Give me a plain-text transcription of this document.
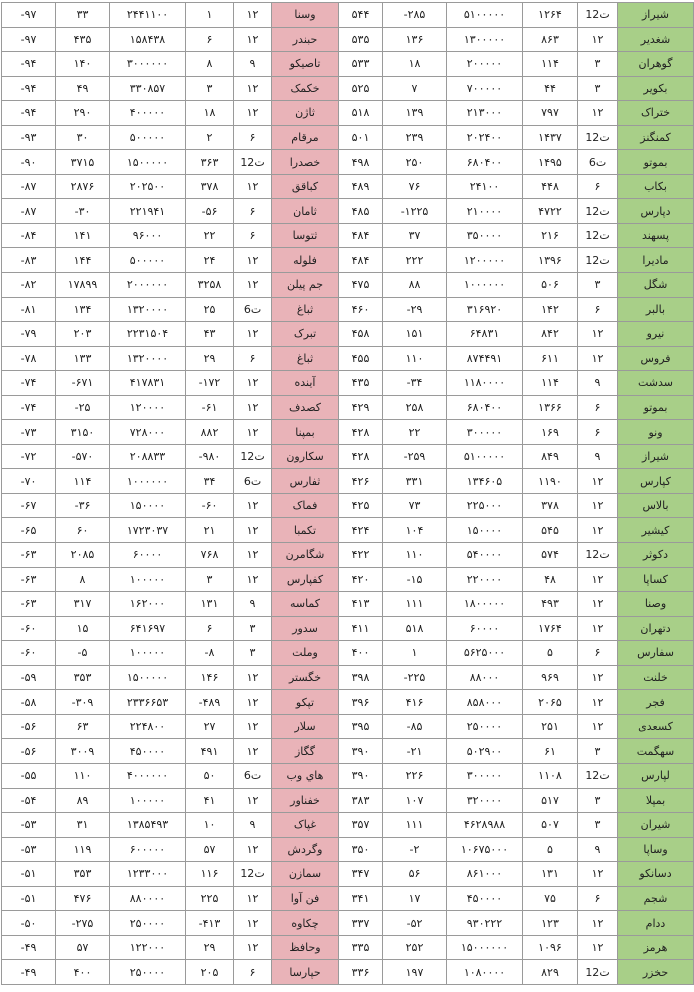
-۹۷	۳۳	۲۴۴۱۱۰۰	۱	۱۲	وسنا	۵۴۴	-۲۸۵	۵۱۰۰۰۰۰	۱۲۶۴	12ت	شیراز
-۹۷	۴۳۵	۱۵۸۴۳۸	۶	۱۲	حبندر	۵۳۵	۱۳۶	۱۳۰۰۰۰۰	۸۶۳	۱۲	شغدیر
-۹۴	۱۴۰	۳۰۰۰۰۰۰	۸	۹	تاصیکو	۵۳۳	۱۸	۲۰۰۰۰۰	۱۱۴	۳	گوهران
-۹۴	۴۹	۳۳۰۸۵۷	۳	۱۲	خکمک	۵۲۵	۷	۷۰۰۰۰۰	۴۴	۳	بکویر
-۹۴	۲۹۰	۴۰۰۰۰۰	۱۸	۱۲	ثاژن	۵۱۸	۱۳۹	۲۱۳۰۰۰	۷۹۷	۱۲	ختراک
-۹۳	۳۰	۵۰۰۰۰۰	۲	۶	مرقام	۵۰۱	۲۳۹	۲۰۲۴۰۰	۱۴۳۷	12ت	کمنگنز
-۹۰	۳۷۱۵	۱۵۰۰۰۰۰	۳۶۳	12ت	خصدرا	۴۹۸	۲۵۰	۶۸۰۴۰۰	۱۴۹۵	6ت	بموتو
-۸۷	۲۸۷۶	۲۰۲۵۰۰	۳۷۸	۱۲	کباقق	۴۸۹	۷۶	۲۴۱۰۰	۴۴۸	۶	بکاب
-۸۷	-۳۰	۲۲۱۹۴۱	-۵۶	۶	ثامان	۴۸۵	-۱۲۲۵	۲۱۰۰۰۰	۴۷۲۲	12ت	دپارس
-۸۴	۱۴۱	۹۶۰۰۰	۲۲	۶	ثتوسا	۴۸۴	۳۷	۳۵۰۰۰۰	۲۱۶	12ت	پسهند
-۸۳	۱۴۴	۵۰۰۰۰۰	۲۴	۱۲	فلوله	۴۸۴	۲۲۲	۱۲۰۰۰۰۰	۱۳۹۶	12ت	مادیرا
-۸۲	۱۷۸۹۹	۲۰۰۰۰۰۰	۳۲۵۸	۱۲	جم پیلن	۴۷۵	۸۸	۱۰۰۰۰۰۰	۵۰۶	۳	شگل
-۸۱	۱۳۴	۱۳۲۰۰۰۰	۲۵	6ت	ثباغ	۴۶۰	-۲۹	۳۱۶۹۲۰	۱۴۲	۶	بالبر
-۷۹	۲۰۳	۲۲۳۱۵۰۴	۴۳	۱۲	تبرک	۴۵۸	۱۵۱	۶۴۸۳۱	۸۴۲	۱۲	نیرو
-۷۸	۱۳۳	۱۳۲۰۰۰۰	۲۹	۶	ثباغ	۴۵۵	۱۱۰	۸۷۴۴۹۱	۶۱۱	۱۲	فروس
-۷۴	-۶۷۱	۴۱۷۸۳۱	-۱۷۲	۱۲	آینده	۴۳۵	-۳۴	۱۱۸۰۰۰۰	۱۱۴	۹	سدشت
-۷۴	-۲۵	۱۲۰۰۰۰	-۶۱	۱۲	کصدف	۴۲۹	۲۵۸	۶۸۰۴۰۰	۱۳۶۶	۶	بموتو
-۷۳	۳۱۵۰	۷۲۸۰۰۰	۸۸۲	۱۲	بمپنا	۴۲۸	۲۲	۳۰۰۰۰۰	۱۶۹	۶	ونو
-۷۲	-۵۷۰	۲۰۸۸۳۳	-۹۸۰	12ت	سکارون	۴۲۸	-۲۵۹	۵۱۰۰۰۰۰	۸۴۹	۹	شیراز
-۷۰	۱۱۴	۱۰۰۰۰۰۰	۳۴	6ت	ثفارس	۴۲۶	۳۳۱	۱۳۴۶۰۵	۱۱۹۰	۱۲	کپارس
-۶۷	-۳۶	۱۵۰۰۰۰	-۶۰	۱۲	فماک	۴۲۵	۷۳	۲۲۵۰۰۰	۳۷۸	۱۲	بالاس
-۶۵	۶۰	۱۷۲۳۰۳۷	۲۱	۱۲	تکمبا	۴۲۴	۱۰۴	۱۵۰۰۰۰	۵۴۵	۱۲	کیشیر
-۶۳	۲۰۸۵	۶۰۰۰۰	۷۶۸	۱۲	شگامرن	۴۲۲	۱۱۰	۵۴۰۰۰۰	۵۷۴	12ت	دکوثر
-۶۳	۸	۱۰۰۰۰۰	۳	۱۲	کفپارس	۴۲۰	-۱۵	۲۲۰۰۰۰	۴۸	۱۲	کساپا
-۶۳	۳۱۷	۱۶۲۰۰۰	۱۳۱	۹	کماسه	۴۱۳	۱۱۱	۱۸۰۰۰۰۰	۴۹۳	۱۲	وصنا
-۶۰	۱۵	۶۴۱۶۹۷	۶	۳	سدور	۴۱۱	۵۱۸	۶۰۰۰۰	۱۷۶۴	۱۲	دتهران
-۶۰	-۵	۱۰۰۰۰۰	-۸	۳	وملت	۴۰۰	۱	۵۶۲۵۰۰۰	۵	۶	سفارس
-۵۹	۳۵۳	۱۵۰۰۰۰۰	۱۴۶	۱۲	خگستر	۳۹۸	-۲۲۵	۸۸۰۰۰	۹۶۹	۱۲	خلنت
-۵۸	-۳۰۹	۲۳۳۶۶۵۳	-۴۸۹	۱۲	تپکو	۳۹۶	۴۱۶	۸۵۸۰۰۰	۲۰۶۵	۱۲	فجر
-۵۶	۶۳	۲۲۴۸۰۰	۲۷	۱۲	سلار	۳۹۵	-۸۵	۲۵۰۰۰۰	۲۵۱	۱۲	کسعدی
-۵۶	۳۰۰۹	۴۵۰۰۰۰	۴۹۱	۱۲	گگاز	۳۹۰	-۲۱	۵۰۲۹۰۰	۶۱	۳	سهگمت
-۵۵	۱۱۰	۴۰۰۰۰۰۰	۵۰	6ت	هاي وب	۳۹۰	۲۲۶	۳۰۰۰۰۰	۱۱۰۸	12ت	لپارس
-۵۴	۸۹	۱۰۰۰۰۰	۴۱	۱۲	خفناور	۳۸۳	۱۰۷	۳۲۰۰۰۰	۵۱۷	۳	بمپلا
-۵۳	۳۱	۱۳۸۵۴۹۳	۱۰	۹	غپاک	۳۵۷	۱۱۱	۴۶۲۸۹۸۸	۵۰۷	۳	شیران
-۵۳	۱۱۹	۶۰۰۰۰۰	۵۷	۱۲	وگردش	۳۵۰	-۲	۱۰۶۷۵۰۰۰	۵	۹	وساپا
-۵۱	۳۵۳	۱۲۳۳۰۰۰	۱۱۶	12ت	سمازن	۳۴۷	۵۶	۸۶۱۰۰۰	۱۳۱	۱۲	دسانکو
-۵۱	۴۷۶	۸۸۰۰۰۰	۲۲۵	۱۲	فن آوا	۳۴۱	۱۷	۴۵۰۰۰۰	۷۵	۶	شجم
-۵۰	-۲۷۵	۲۵۰۰۰۰	-۴۱۳	۱۲	چکاوه	۳۳۷	-۵۲	۹۳۰۲۲۲	۱۲۳	۱۲	ددام
-۴۹	۵۷	۱۲۲۰۰۰	۲۹	۱۲	وحافظ	۳۳۵	۲۵۲	۱۵۰۰۰۰۰۰	۱۰۹۶	۱۲	هرمز
-۴۹	۴۰۰	۲۵۰۰۰۰	۲۰۵	۶	حپارسا	۳۳۶	۱۹۷	۱۰۸۰۰۰۰	۸۲۹	12ت	حخزر
